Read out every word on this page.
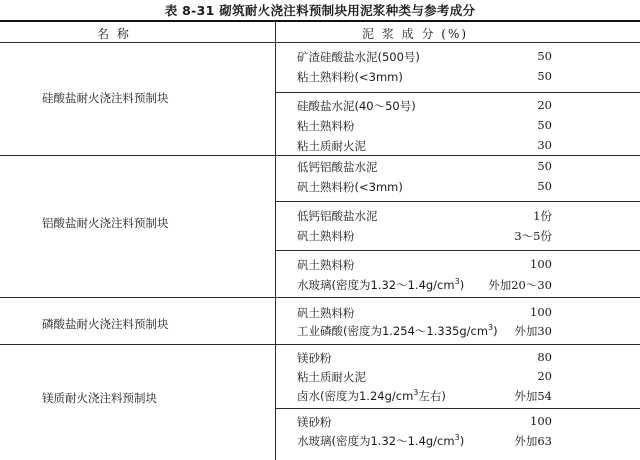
表 8-31 砌筑耐火浇注料预制块用泥浆种类与参考成分
名 称	泥 浆 成 分 (%)
硅酸盐耐火浇注料预制块
矿渣硅酸盐水泥(500号)	50
粘土熟料粉(<3mm)	50
硅酸盐水泥(40～50号)	20
粘土熟料粉	50
粘土质耐火泥	30
铝酸盐耐火浇注料预制块
低钙铝酸盐水泥	50
矾土熟料粉(<3mm)	50
低钙铝酸盐水泥	1份
矾土熟料粉	3～5份
矾土熟料粉	100
水玻璃(密度为$1.32\sim 1.4g/cm^3$) 外加20～30
磷酸盐耐火浇注料预制块
矾土熟料粉	100
工业磷酸(密度为$1.254\sim 1.335g/cm^3$) 外加30
镁质耐火浇注料预制块
镁砂粉	80
粘土质耐火泥	20
卤水(密度为$1.24g/cm^3$左右)	外加54
镁砂粉	100
水玻璃(密度为$1.32\sim 1.4g/cm^3$)	外加63
